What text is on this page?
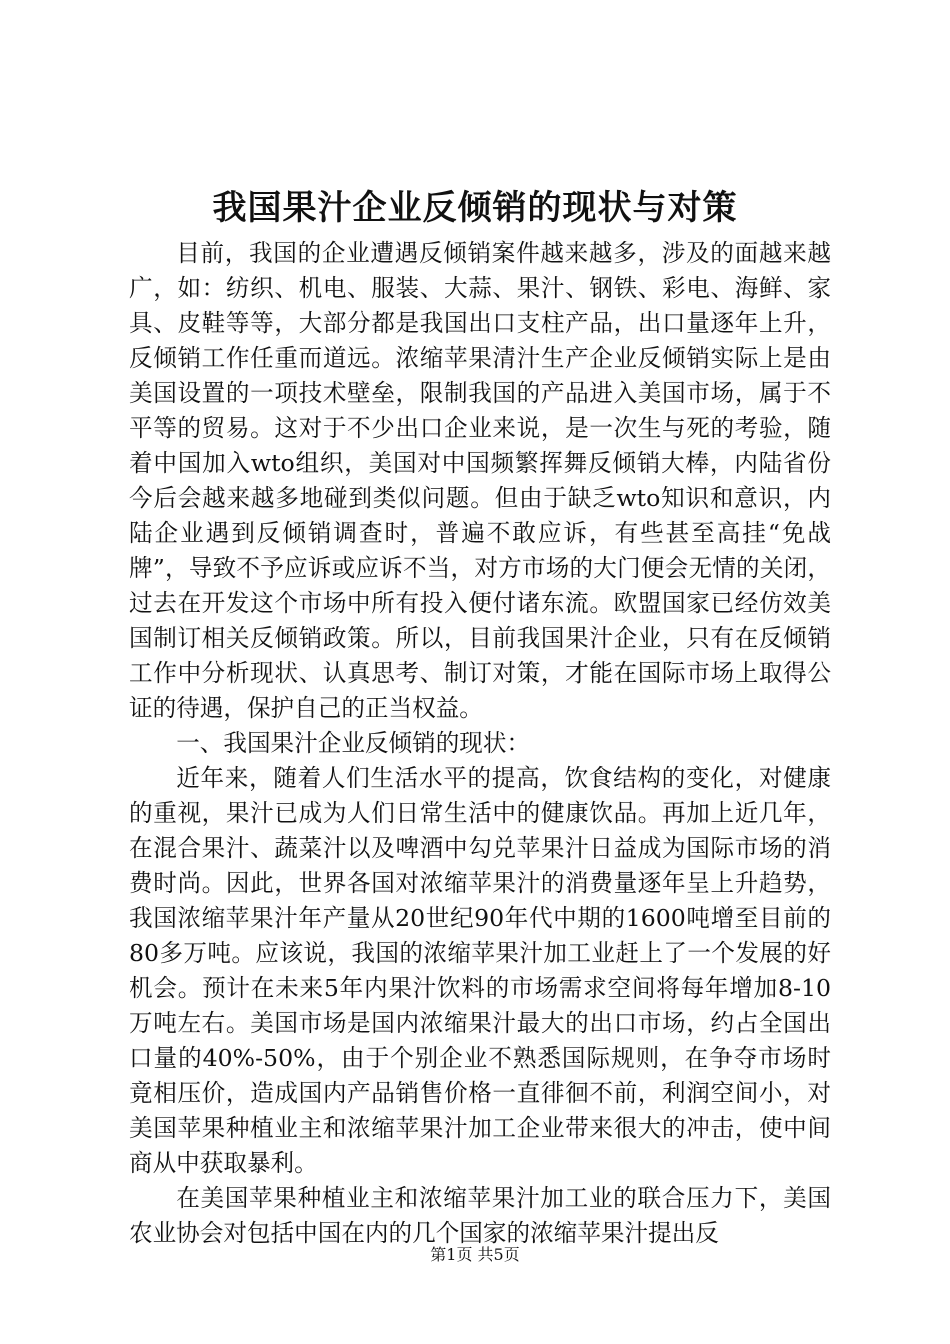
我国果汁企业反倾销的现状与对策

目前，我国的企业遭遇反倾销案件越来越多，涉及的面越来越广，如：纺织、机电、服装、大蒜、果汁、钢铁、彩电、海鲜、家具、皮鞋等等，大部分都是我国出口支柱产品，出口量逐年上升，反倾销工作任重而道远。浓缩苹果清汁生产企业反倾销实际上是由美国设置的一项技术壁垒，限制我国的产品进入美国市场，属于不平等的贸易。这对于不少出口企业来说，是一次生与死的考验，随着中国加入wto组织，美国对中国频繁挥舞反倾销大棒，内陆省份今后会越来越多地碰到类似问题。但由于缺乏wto知识和意识，内陆企业遇到反倾销调查时，普遍不敢应诉，有些甚至高挂“免战牌”，导致不予应诉或应诉不当，对方市场的大门便会无情的关闭，过去在开发这个市场中所有投入便付诸东流。欧盟国家已经仿效美国制订相关反倾销政策。所以，目前我国果汁企业，只有在反倾销工作中分析现状、认真思考、制订对策，才能在国际市场上取得公证的待遇，保护自己的正当权益。

一、我国果汁企业反倾销的现状：

近年来，随着人们生活水平的提高，饮食结构的变化，对健康的重视，果汁已成为人们日常生活中的健康饮品。再加上近几年，在混合果汁、蔬菜汁以及啤酒中勾兑苹果汁日益成为国际市场的消费时尚。因此，世界各国对浓缩苹果汁的消费量逐年呈上升趋势，我国浓缩苹果汁年产量从20世纪90年代中期的1600吨增至目前的80多万吨。应该说，我国的浓缩苹果汁加工业赶上了一个发展的好机会。预计在未来5年内果汁饮料的市场需求空间将每年增加8-10万吨左右。美国市场是国内浓缩果汁最大的出口市场，约占全国出口量的40%-50%，由于个别企业不熟悉国际规则，在争夺市场时竟相压价，造成国内产品销售价格一直徘徊不前，利润空间小，对美国苹果种植业主和浓缩苹果汁加工企业带来很大的冲击，使中间商从中获取暴利。

在美国苹果种植业主和浓缩苹果汁加工业的联合压力下，美国农业协会对包括中国在内的几个国家的浓缩苹果汁提出反

第1页 共5页
